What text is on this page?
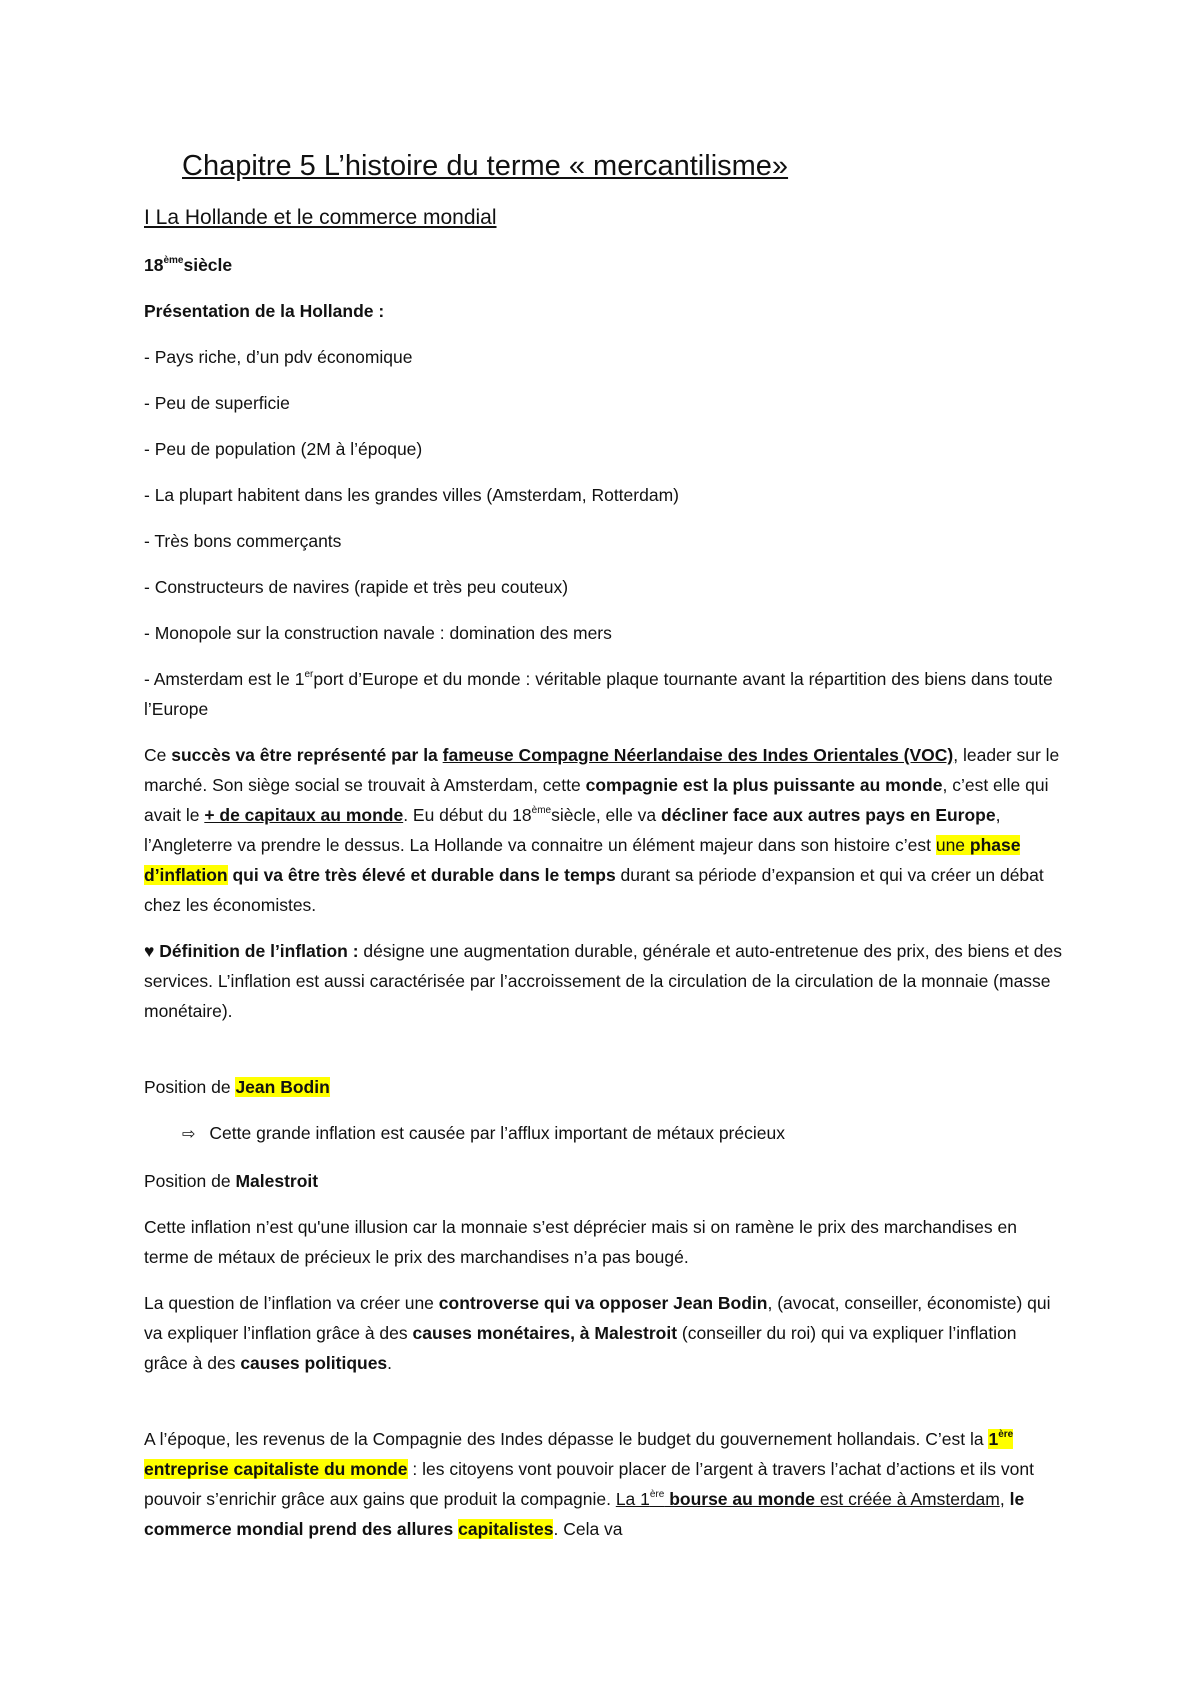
Chapitre 5 L’histoire du terme « mercantilisme»
I La Hollande et le commerce mondial

18èmesiècle

Présentation de la Hollande :

- Pays riche, d’un pdv économique

- Peu de superficie

- Peu de population (2M à l’époque)

- La plupart habitent dans les grandes villes (Amsterdam, Rotterdam)

- Très bons commerçants

- Constructeurs de navires (rapide et très peu couteux)

- Monopole sur la construction navale : domination des mers

- Amsterdam est le 1erport d’Europe et du monde : véritable plaque tournante avant la répartition des biens dans toute l’Europe

Ce succès va être représenté par la fameuse Compagne Néerlandaise des Indes Orientales (VOC), leader sur le marché. Son siège social se trouvait à Amsterdam, cette compagnie est la plus puissante au monde, c’est elle qui avait le + de capitaux au monde. Eu début du 18èmesiècle, elle va décliner face aux autres pays en Europe, l’Angleterre va prendre le dessus. La Hollande va connaitre un élément majeur dans son histoire c’est une phase d’inflation qui va être très élevé et durable dans le temps durant sa période d’expansion et qui va créer un débat chez les économistes.

♥ Définition de l’inflation : désigne une augmentation durable, générale et auto-entretenue des prix, des biens et des services. L’inflation est aussi caractérisée par l’accroissement de la circulation de la circulation de la monnaie (masse monétaire).

Position de Jean Bodin

⇨ Cette grande inflation est causée par l’afflux important de métaux précieux

Position de Malestroit

Cette inflation n’est qu'une illusion car la monnaie s’est déprécier mais si on ramène le prix des marchandises en terme de métaux de précieux le prix des marchandises n’a pas bougé.

La question de l’inflation va créer une controverse qui va opposer Jean Bodin, (avocat, conseiller, économiste) qui va expliquer l’inflation grâce à des causes monétaires, à Malestroit (conseiller du roi) qui va expliquer l’inflation grâce à des causes politiques.

A l’époque, les revenus de la Compagnie des Indes dépasse le budget du gouvernement hollandais. C’est la 1ère entreprise capitaliste du monde : les citoyens vont pouvoir placer de l’argent à travers l’achat d’actions et ils vont pouvoir s’enrichir grâce aux gains que produit la compagnie. La 1ère bourse au monde est créée à Amsterdam, le commerce mondial prend des allures capitalistes. Cela va
